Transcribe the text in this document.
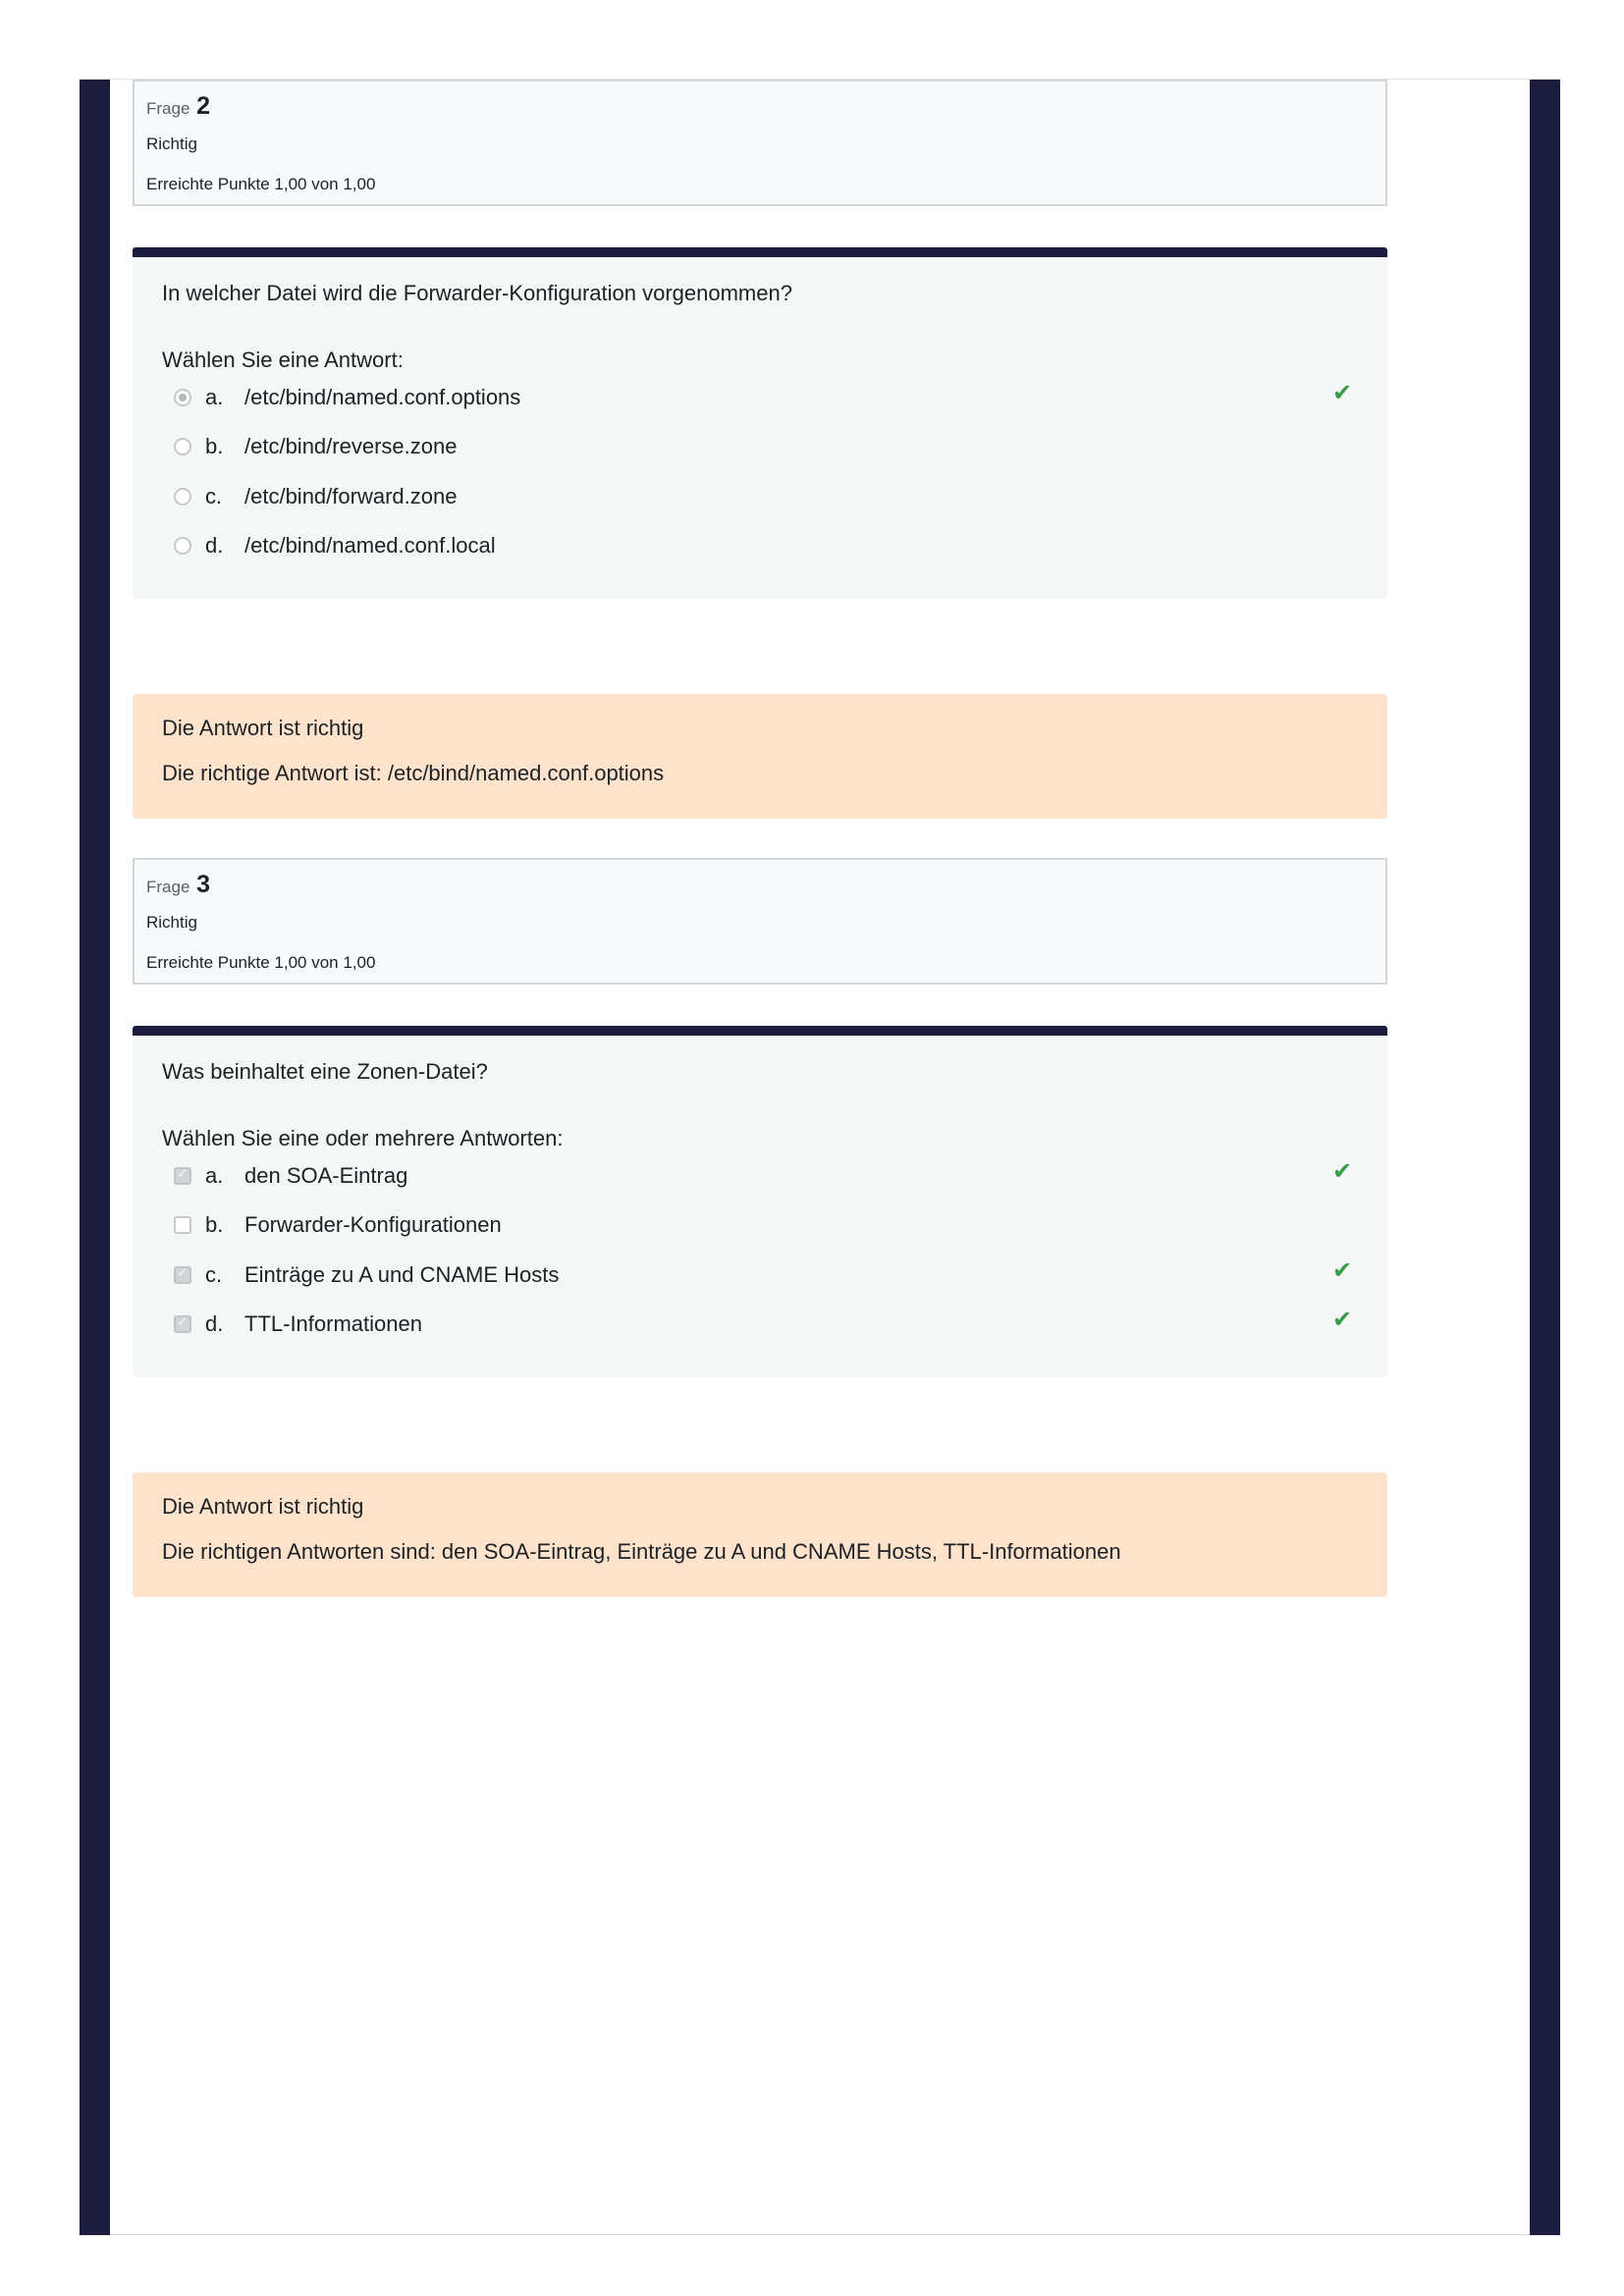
Frage 2
Richtig
Erreichte Punkte 1,00 von 1,00
In welcher Datei wird die Forwarder-Konfiguration vorgenommen?
Wählen Sie eine Antwort:
a. /etc/bind/named.conf.options	✔
b. /etc/bind/reverse.zone
c. /etc/bind/forward.zone
d. /etc/bind/named.conf.local
Die Antwort ist richtig
Die richtige Antwort ist: /etc/bind/named.conf.options
Frage 3
Richtig
Erreichte Punkte 1,00 von 1,00
Was beinhaltet eine Zonen-Datei?
Wählen Sie eine oder mehrere Antworten:
✓
a. den SOA-Eintrag	✔
b. Forwarder-Konfigurationen
✓
c. Einträge zu A und CNAME Hosts	✔
✓
d. TTL-Informationen	✔
Die Antwort ist richtig
Die richtigen Antworten sind: den SOA-Eintrag, Einträge zu A und CNAME Hosts, TTL-Informationen
